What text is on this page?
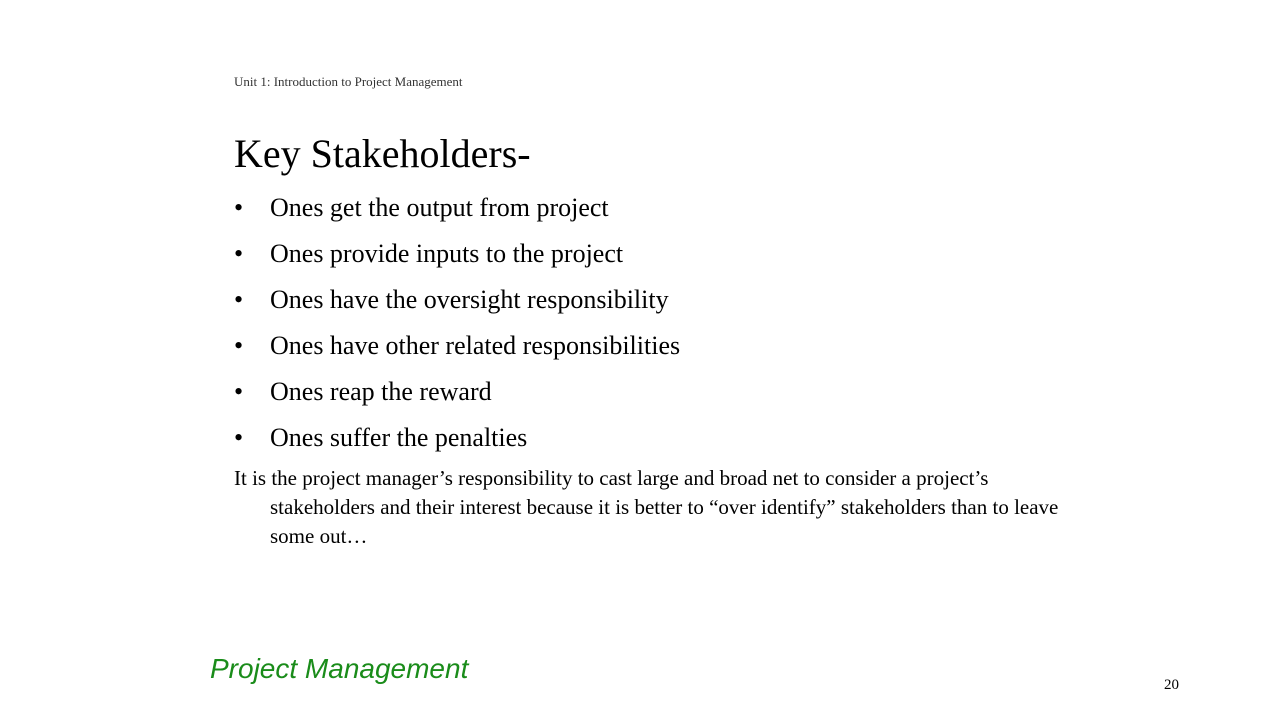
Unit 1: Introduction to Project Management
Key Stakeholders-
•	Ones get the output from project
•	Ones provide inputs to the project
•	Ones have the oversight responsibility
•	Ones have other related responsibilities
•	Ones reap the reward
•	Ones suffer the penalties

It is the project manager’s responsibility to cast large and broad net to consider a project’s stakeholders and their interest because it is better to “over identify” stakeholders than to leave some out…

Project Management
20
